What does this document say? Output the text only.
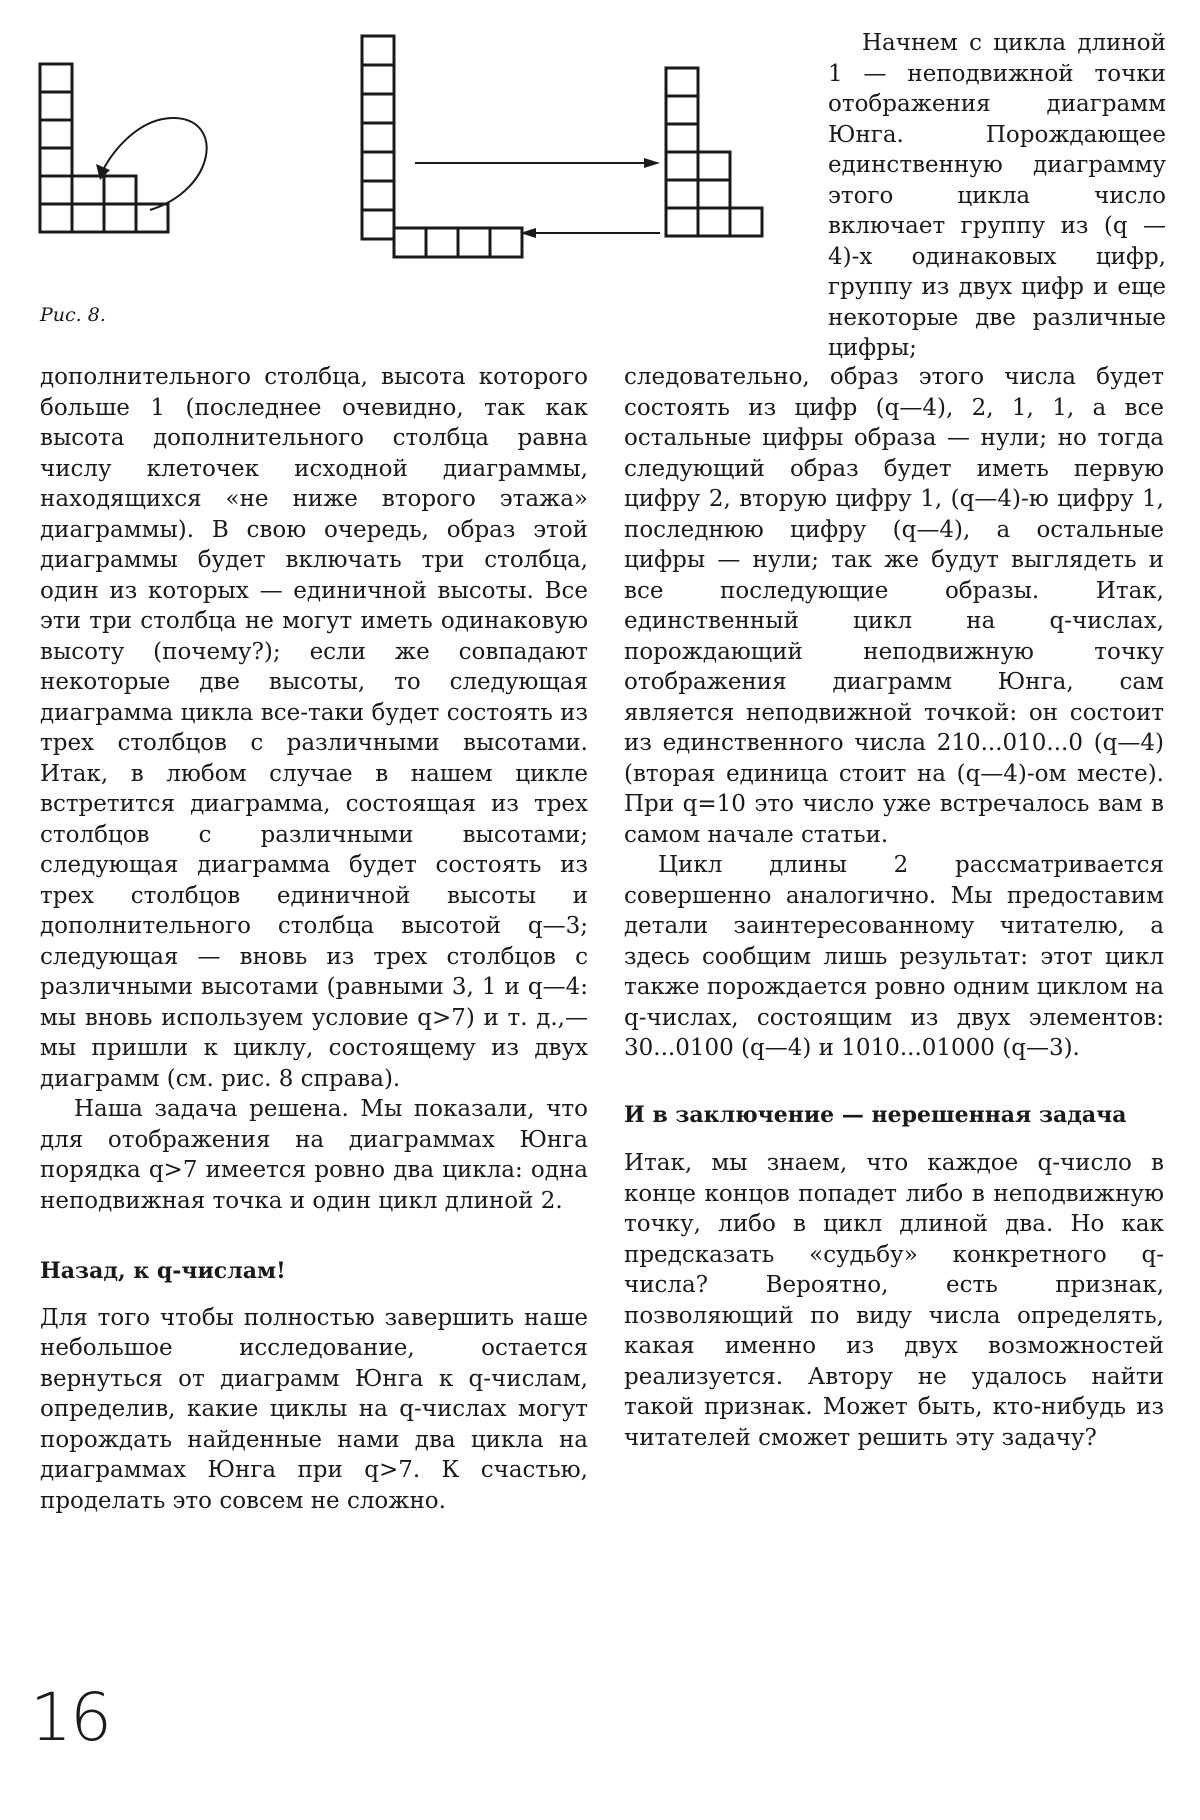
Рис. 8.

Начнем с цикла длиной 1 — неподвижной точки отображения диаграмм Юнга. Порождающее единственную диаграмму этого цикла число включает группу из (q — 4)-х одинаковых цифр, группу из двух цифр и еще некоторые две различные цифры;

дополнительного столбца, высота которого больше 1 (последнее очевидно, так как высота дополнительного столбца равна числу клеточек исходной диаграммы, находящихся «не ниже второго этажа» диаграммы). В свою очередь, образ этой диаграммы будет включать три столбца, один из которых — единичной высоты. Все эти три столбца не могут иметь одинаковую высоту (почему?); если же совпадают некоторые две высоты, то следующая диаграмма цикла все-таки будет состоять из трех столбцов с различными высотами. Итак, в любом случае в нашем цикле встретится диаграмма, состоящая из трех столбцов с различными высотами; следующая диаграмма будет состоять из трех столбцов единичной высоты и дополнительного столбца высотой q—3; следующая — вновь из трех столбцов с различными высотами (равными 3, 1 и q—4: мы вновь используем условие q>7) и т. д.,— мы пришли к циклу, состоящему из двух диаграмм (см. рис. 8 справа).

Наша задача решена. Мы показали, что для отображения на диаграммах Юнга порядка q>7 имеется ровно два цикла: одна неподвижная точка и один цикл длиной 2.

Назад, к q-числам!

Для того чтобы полностью завершить наше небольшое исследование, остается вернуться от диаграмм Юнга к q-числам, определив, какие циклы на q-числах могут порождать найденные нами два цикла на диаграммах Юнга при q>7. К счастью, проделать это совсем не сложно.

следовательно, образ этого числа будет состоять из цифр (q—4), 2, 1, 1, а все остальные цифры образа — нули; но тогда следующий образ будет иметь первую цифру 2, вторую цифру 1, (q—4)-ю цифру 1, последнюю цифру (q—4), а остальные цифры — нули; так же будут выглядеть и все последующие образы. Итак, единственный цикл на q-числах, порождающий неподвижную точку отображения диаграмм Юнга, сам является неподвижной точкой: он состоит из единственного числа 210...010...0 (q—4) (вторая единица стоит на (q—4)-ом месте). При q=10 это число уже встречалось вам в самом начале статьи.

Цикл длины 2 рассматривается совершенно аналогично. Мы предоставим детали заинтересованному читателю, а здесь сообщим лишь результат: этот цикл также порождается ровно одним циклом на q-числах, состоящим из двух элементов: 30...0100 (q—4) и 1010...01000 (q—3).

И в заключение — нерешенная задача

Итак, мы знаем, что каждое q-число в конце концов попадет либо в неподвижную точку, либо в цикл длиной два. Но как предсказать «судьбу» конкретного q-числа? Вероятно, есть признак, позволяющий по виду числа определять, какая именно из двух возможностей реализуется. Автору не удалось найти такой признак. Может быть, кто-нибудь из читателей сможет решить эту задачу?

16
